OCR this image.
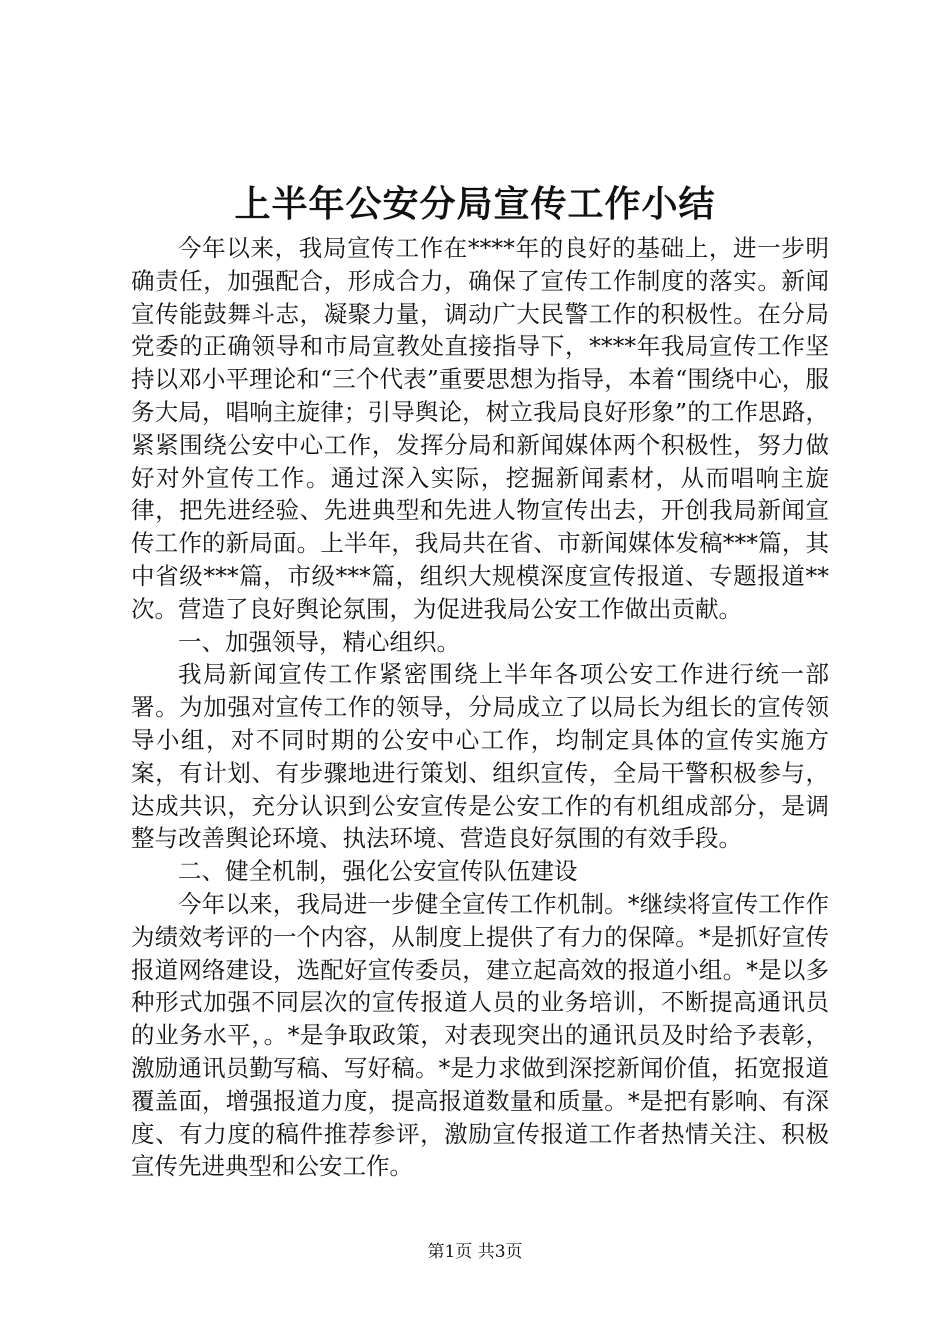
上半年公安分局宣传工作小结

今年以来，我局宣传工作在****年的良好的基础上，进一步明确责任，加强配合，形成合力，确保了宣传工作制度的落实。新闻宣传能鼓舞斗志，凝聚力量，调动广大民警工作的积极性。在分局党委的正确领导和市局宣教处直接指导下，****年我局宣传工作坚持以邓小平理论和“三个代表”重要思想为指导，本着“围绕中心，服务大局，唱响主旋律；引导舆论，树立我局良好形象”的工作思路，紧紧围绕公安中心工作，发挥分局和新闻媒体两个积极性，努力做好对外宣传工作。通过深入实际，挖掘新闻素材，从而唱响主旋律，把先进经验、先进典型和先进人物宣传出去，开创我局新闻宣传工作的新局面。上半年，我局共在省、市新闻媒体发稿***篇，其中省级***篇，市级***篇，组织大规模深度宣传报道、专题报道**次。营造了良好舆论氛围，为促进我局公安工作做出贡献。

一、加强领导，精心组织。

我局新闻宣传工作紧密围绕上半年各项公安工作进行统一部署。为加强对宣传工作的领导，分局成立了以局长为组长的宣传领导小组，对不同时期的公安中心工作，均制定具体的宣传实施方案，有计划、有步骤地进行策划、组织宣传，全局干警积极参与，达成共识，充分认识到公安宣传是公安工作的有机组成部分，是调整与改善舆论环境、执法环境、营造良好氛围的有效手段。

二、健全机制，强化公安宣传队伍建设

今年以来，我局进一步健全宣传工作机制。*继续将宣传工作作为绩效考评的一个内容，从制度上提供了有力的保障。*是抓好宣传报道网络建设，选配好宣传委员，建立起高效的报道小组。*是以多种形式加强不同层次的宣传报道人员的业务培训，不断提高通讯员的业务水平，。*是争取政策，对表现突出的通讯员及时给予表彰，激励通讯员勤写稿、写好稿。*是力求做到深挖新闻价值，拓宽报道覆盖面，增强报道力度，提高报道数量和质量。*是把有影响、有深度、有力度的稿件推荐参评，激励宣传报道工作者热情关注、积极宣传先进典型和公安工作。

第1页 共3页
